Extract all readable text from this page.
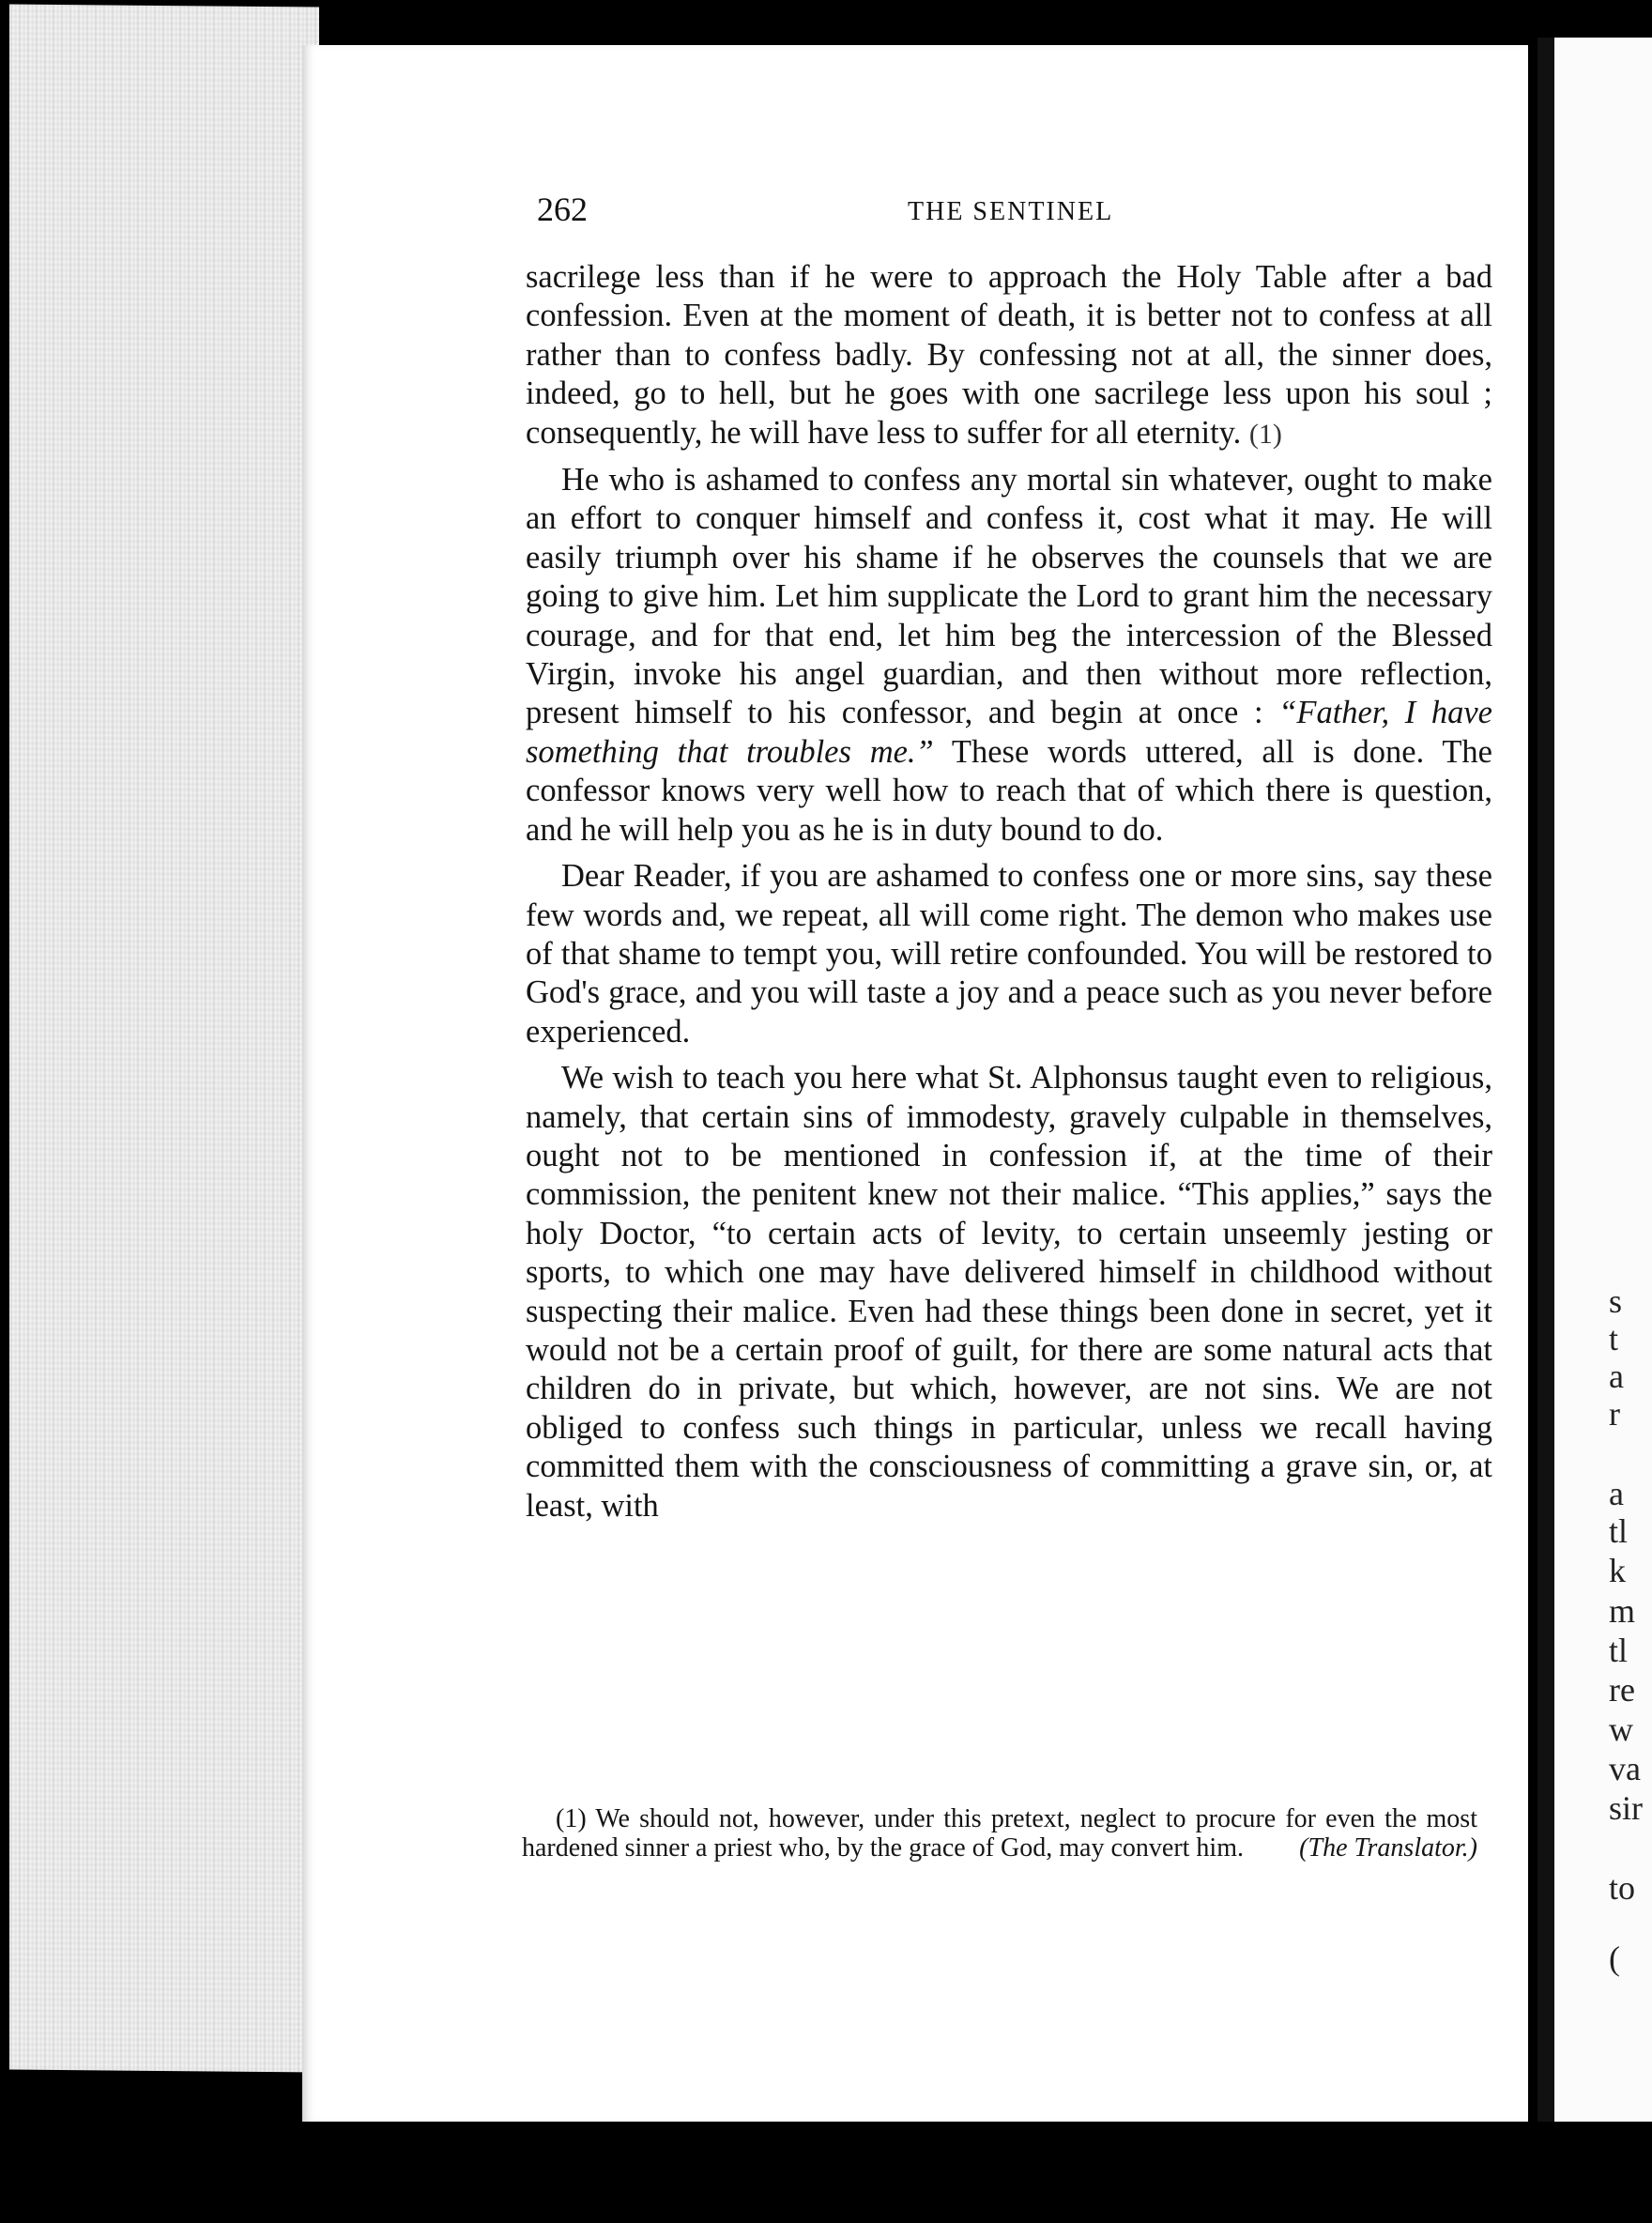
s
t
a
r
a
tl
k
m
tl
re
w
va
sir
to
(
262	THE SENTINEL

sacrilege less than if he were to approach the Holy Table after a bad confession. Even at the moment of death, it is better not to confess at all rather than to confess badly. By confessing not at all, the sinner does, indeed, go to hell, but he goes with one sacrilege less upon his soul ; consequently, he will have less to suffer for all eternity. (1)

He who is ashamed to confess any mortal sin whatever, ought to make an effort to conquer himself and confess it, cost what it may. He will easily triumph over his shame if he observes the counsels that we are going to give him. Let him supplicate the Lord to grant him the necessary courage, and for that end, let him beg the intercession of the Blessed Virgin, invoke his angel guardian, and then without more reflection, present himself to his confessor, and begin at once : “Father, I have something that troubles me.” These words uttered, all is done. The confessor knows very well how to reach that of which there is question, and he will help you as he is in duty bound to do.

Dear Reader, if you are ashamed to confess one or more sins, say these few words and, we repeat, all will come right. The demon who makes use of that shame to tempt you, will retire confounded. You will be restored to God's grace, and you will taste a joy and a peace such as you never before experienced.

We wish to teach you here what St. Alphonsus taught even to religious, namely, that certain sins of immodesty, gravely culpable in themselves, ought not to be mentioned in confession if, at the time of their commission, the penitent knew not their malice. “This applies,” says the holy Doctor, “to certain acts of levity, to certain unseemly jesting or sports, to which one may have delivered himself in childhood without suspecting their malice. Even had these things been done in secret, yet it would not be a certain proof of guilt, for there are some natural acts that children do in private, but which, however, are not sins. We are not obliged to confess such things in particular, unless we recall having committed them with the consciousness of committing a grave sin, or, at least, with

(1) We should not, however, under this pretext, neglect to procure for even the most hardened sinner a priest who, by the grace of God, may convert him. (The Translator.)
